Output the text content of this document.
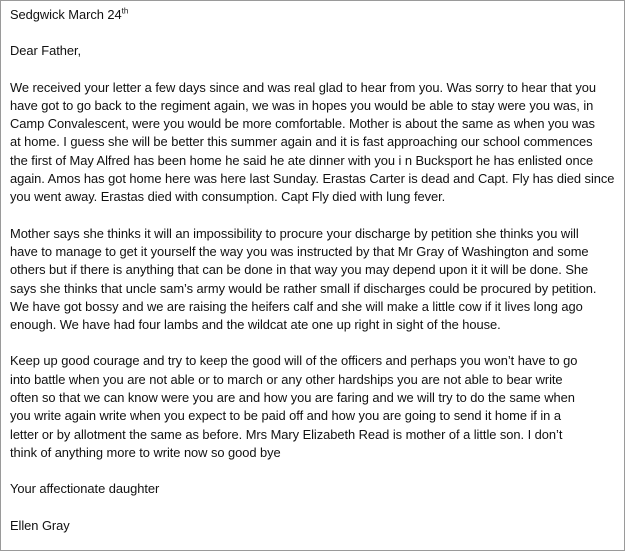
Sedgwick March 24th
Dear Father,
We received your letter a few days since and was real glad to hear from you. Was sorry to hear that you
have got to go back to the regiment again, we was in hopes you would be able to stay were you was, in
Camp Convalescent, were you would be more comfortable. Mother is about the same as when you was
at home. I guess she will be better this summer again and it is fast approaching our school commences
the first of May Alfred has been home he said he ate dinner with you i n Bucksport he has enlisted once
again. Amos has got home here was here last Sunday. Erastas Carter is dead and Capt. Fly has died since
you went away. Erastas died with consumption. Capt Fly died with lung fever.
Mother says she thinks it will an impossibility to procure your discharge by petition she thinks you will
have to manage to get it yourself the way you was instructed by that Mr Gray of Washington and some
others but if there is anything that can be done in that way you may depend upon it it will be done. She
says she thinks that uncle sam’s army would be rather small if discharges could be procured by petition.
We have got bossy and we are raising the heifers calf and she will make a little cow if it lives long ago
enough. We have had four lambs and the wildcat ate one up right in sight of the house.
Keep up good courage and try to keep the good will of the officers and perhaps you won’t have to go
into battle when you are not able or to march or any other hardships you are not able to bear write
often so that we can know were you are and how you are faring and we will try to do the same when
you write again write when you expect to be paid off and how you are going to send it home if in a
letter or by allotment the same as before. Mrs Mary Elizabeth Read is mother of a little son. I don’t
think of anything more to write now so good bye
Your affectionate daughter
Ellen Gray
